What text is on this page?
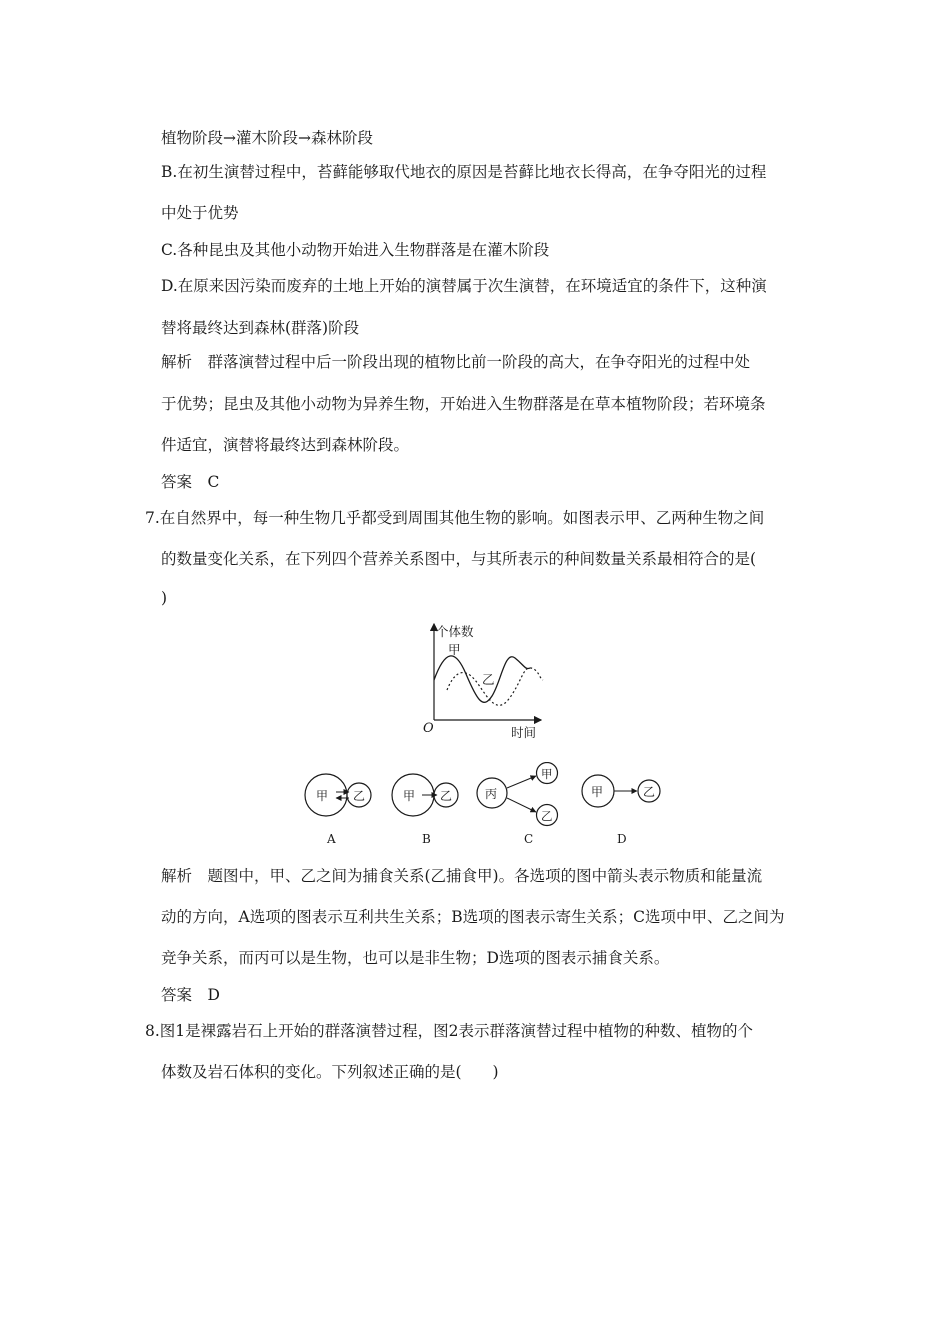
植物阶段→灌木阶段→森林阶段
B.在初生演替过程中，苔藓能够取代地衣的原因是苔藓比地衣长得高，在争夺阳光的过程
中处于优势
C.各种昆虫及其他小动物开始进入生物群落是在灌木阶段
D.在原来因污染而废弃的土地上开始的演替属于次生演替，在环境适宜的条件下，这种演
替将最终达到森林(群落)阶段
解析　群落演替过程中后一阶段出现的植物比前一阶段的高大，在争夺阳光的过程中处
于优势；昆虫及其他小动物为异养生物，开始进入生物群落是在草本植物阶段；若环境条
件适宜，演替将最终达到森林阶段。
答案　C
7.在自然界中，每一种生物几乎都受到周围其他生物的影响。如图表示甲、乙两种生物之间
的数量变化关系，在下列四个营养关系图中，与其所表示的种间数量关系最相符合的是(
)
个体数
时间
O
甲
乙
甲 乙
A
甲 乙
B
丙
甲
乙
C
甲	乙
D
解析　题图中，甲、乙之间为捕食关系(乙捕食甲)。各选项的图中箭头表示物质和能量流
动的方向，A选项的图表示互利共生关系；B选项的图表示寄生关系；C选项中甲、乙之间为
竞争关系，而丙可以是生物，也可以是非生物；D选项的图表示捕食关系。
答案　D
8.图1是裸露岩石上开始的群落演替过程，图2表示群落演替过程中植物的种数、植物的个
体数及岩石体积的变化。下列叙述正确的是(　　)
